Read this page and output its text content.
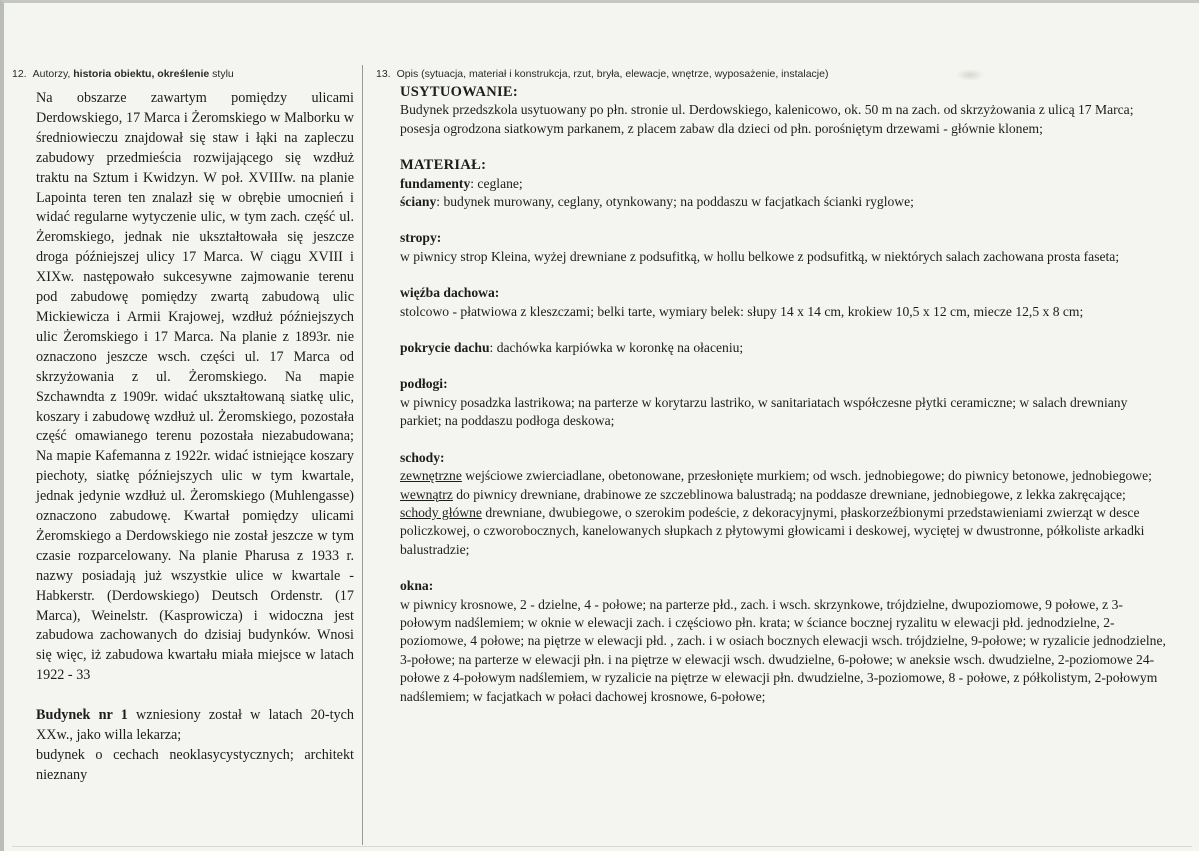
12. Autorzy, historia obiektu, określenie stylu

Na obszarze zawartym pomiędzy ulicami Derdowskiego, 17 Marca i Żeromskiego w Malborku w średniowieczu znajdował się staw i łąki na zapleczu zabudowy przedmieścia rozwijającego się wzdłuż traktu na Sztum i Kwidzyn. W poł. XVIIIw. na planie Lapointa teren ten znalazł się w obrębie umocnień i widać regularne wytyczenie ulic, w tym zach. część ul. Żeromskiego, jednak nie ukształtowała się jeszcze droga późniejszej ulicy 17 Marca. W ciągu XVIII i XIXw. następowało sukcesywne zajmowanie terenu pod zabudowę pomiędzy zwartą zabudową ulic Mickiewicza i Armii Krajowej, wzdłuż późniejszych ulic Żeromskiego i 17 Marca. Na planie z 1893r. nie oznaczono jeszcze wsch. części ul. 17 Marca od skrzyżowania z ul. Żeromskiego. Na mapie Szchawndta z 1909r. widać ukształtowaną siatkę ulic, koszary i zabudowę wzdłuż ul. Żeromskiego, pozostała część omawianego terenu pozostała niezabudowana; Na mapie Kafemanna z 1922r. widać istniejące koszary piechoty, siatkę późniejszych ulic w tym kwartale, jednak jedynie wzdłuż ul. Żeromskiego (Muhlengasse) oznaczono zabudowę. Kwartał pomiędzy ulicami Żeromskiego a Derdowskiego nie został jeszcze w tym czasie rozparcelowany. Na planie Pharusa z 1933 r. nazwy posiadają już wszystkie ulice w kwartale - Habkerstr. (Derdowskiego) Deutsch Ordenstr. (17 Marca), Weinelstr. (Kasprowicza) i widoczna jest zabudowa zachowanych do dzisiaj budynków. Wnosi się więc, iż zabudowa kwartału miała miejsce w latach 1922 - 33

Budynek nr 1 wzniesiony został w latach 20-tych XXw., jako willa lekarza;

budynek o cechach neoklasycystycznych; architekt nieznany

13. Opis (sytuacja, materiał i konstrukcja, rzut, bryła, elewacje, wnętrze, wyposażenie, instalacje)

USYTUOWANIE:

Budynek przedszkola usytuowany po płn. stronie ul. Derdowskiego, kalenicowo, ok. 50 m na zach. od skrzyżowania z ulicą 17 Marca; posesja ogrodzona siatkowym parkanem, z placem zabaw dla dzieci od płn. porośniętym drzewami - głównie klonem;

MATERIAŁ:

fundamenty: ceglane;

ściany: budynek murowany, ceglany, otynkowany; na poddaszu w facjatkach ścianki ryglowe;

stropy:

w piwnicy strop Kleina, wyżej drewniane z podsufitką, w hollu belkowe z podsufitką, w niektórych salach zachowana prosta faseta;

więźba dachowa:

stolcowo - płatwiowa z kleszczami; belki tarte, wymiary belek: słupy 14 x 14 cm, krokiew 10,5 x 12 cm, miecze 12,5 x 8 cm;

pokrycie dachu: dachówka karpiówka w koronkę na ołaceniu;

podłogi:

w piwnicy posadzka lastrikowa; na parterze w korytarzu lastriko, w sanitariatach współczesne płytki ceramiczne; w salach drewniany parkiet; na poddaszu podłoga deskowa;

schody:

zewnętrzne wejściowe zwierciadlane, obetonowane, przesłonięte murkiem; od wsch. jednobiegowe; do piwnicy betonowe, jednobiegowe;

wewnątrz do piwnicy drewniane, drabinowe ze szczeblinowa balustradą; na poddasze drewniane, jednobiegowe, z lekka zakręcające;

schody główne drewniane, dwubiegowe, o szerokim podeście, z dekoracyjnymi, płaskorzeźbionymi przedstawieniami zwierząt w desce policzkowej, o czworobocznych, kanelowanych słupkach z płytowymi głowicami i deskowej, wyciętej w dwustronne, półkoliste arkadki balustradzie;

okna:

w piwnicy krosnowe, 2 - dzielne, 4 - połowe; na parterze płd., zach. i wsch. skrzynkowe, trójdzielne, dwupoziomowe, 9 połowe, z 3-połowym nadślemiem; w oknie w elewacji zach. i częściowo płn. krata; w ściance bocznej ryzalitu w elewacji płd. jednodzielne, 2-poziomowe, 4 połowe; na piętrze w elewacji płd. , zach. i w osiach bocznych elewacji wsch. trójdzielne, 9-połowe; w ryzalicie jednodzielne, 3-połowe; na parterze w elewacji płn. i na piętrze w elewacji wsch. dwudzielne, 6-połowe; w aneksie wsch. dwudzielne, 2-poziomowe 24-połowe z 4-połowym nadślemiem, w ryzalicie na piętrze w elewacji płn. dwudzielne, 3-poziomowe, 8 - połowe, z półkolistym, 2-połowym nadślemiem; w facjatkach w połaci dachowej krosnowe, 6-połowe;
